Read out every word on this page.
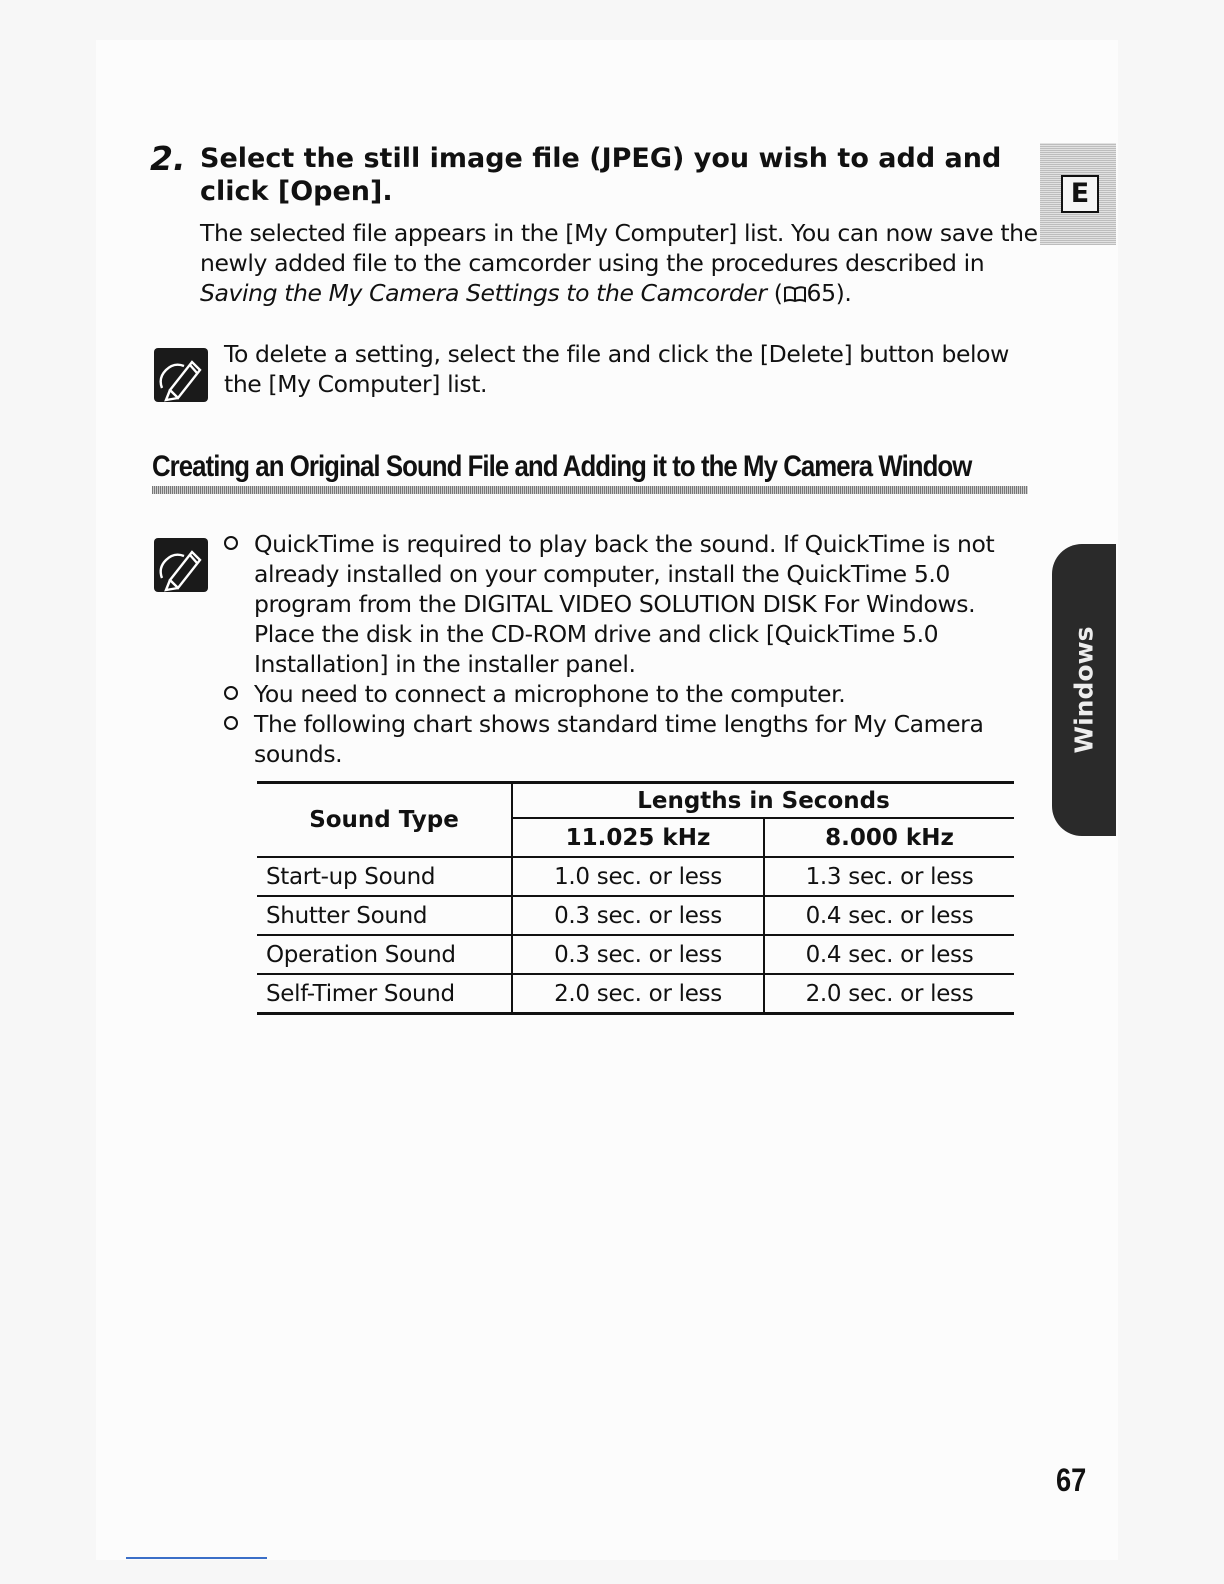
2. Select the still image file (JPEG) you wish to add and click [Open].
The selected file appears in the [My Computer] list. You can now save the newly added file to the camcorder using the procedures described in Saving the My Camera Settings to the Camcorder ( 65).
To delete a setting, select the file and click the [Delete] button below the [My Computer] list.
Creating an Original Sound File and Adding it to the My Camera Window

QuickTime is required to play back the sound. If QuickTime is not already installed on your computer, install the QuickTime 5.0 program from the DIGITAL VIDEO SOLUTION DISK For Windows. Place the disk in the CD-ROM drive and click [QuickTime 5.0 Installation] in the installer panel.

You need to connect a microphone to the computer.

The following chart shows standard time lengths for My Camera sounds.

Sound Type	Lengths in Seconds	
	11.025 kHz	8.000 kHz
Start-up Sound	1.0 sec. or less	1.3 sec. or less
Shutter Sound	0.3 sec. or less	0.4 sec. or less
Operation Sound	0.3 sec. or less	0.4 sec. or less
Self-Timer Sound	2.0 sec. or less	2.0 sec. or less
E
Windows
67
